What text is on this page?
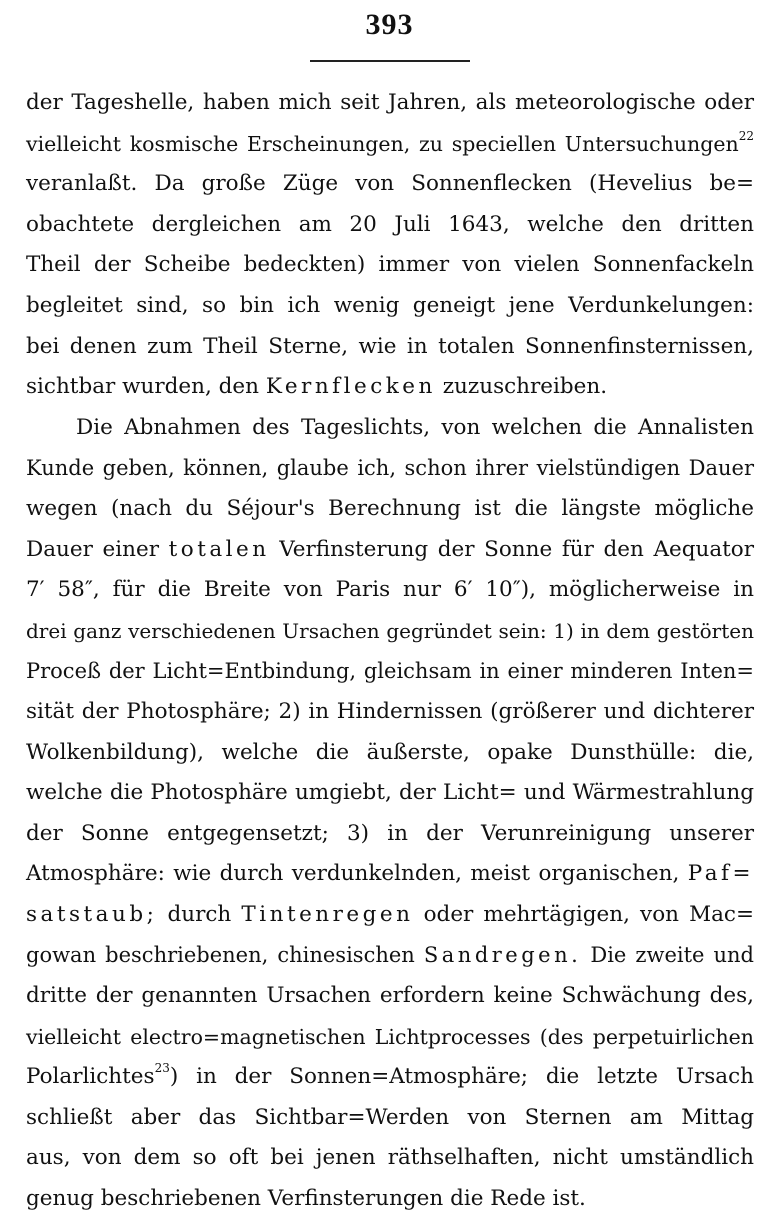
393
der Tageshelle, haben mich seit Jahren, als meteorologische oder
vielleicht kosmische Erscheinungen, zu speciellen Untersuchungen$^{22}$
veranlaßt. Da große Züge von Sonnenflecken (Hevelius be=
obachtete dergleichen am 20 Juli 1643, welche den dritten
Theil der Scheibe bedeckten) immer von vielen Sonnenfackeln
begleitet sind, so bin ich wenig geneigt jene Verdunkelungen:
bei denen zum Theil Sterne, wie in totalen Sonnenfinsternissen,
sichtbar wurden, den Kernflecken zuzuschreiben.
Die Abnahmen des Tageslichts, von welchen die Annalisten
Kunde geben, können, glaube ich, schon ihrer vielstündigen Dauer
wegen (nach du Séjour's Berechnung ist die längste mögliche
Dauer einer totalen Verfinsterung der Sonne für den Aequator
7′ 58″, für die Breite von Paris nur 6′ 10″), möglicherweise in
drei ganz verschiedenen Ursachen gegründet sein: 1) in dem gestörten
Proceß der Licht=Entbindung, gleichsam in einer minderen Inten=
sität der Photosphäre; 2) in Hindernissen (größerer und dichterer
Wolkenbildung), welche die äußerste, opake Dunsthülle: die,
welche die Photosphäre umgiebt, der Licht= und Wärmestrahlung
der Sonne entgegensetzt; 3) in der Verunreinigung unserer
Atmosphäre: wie durch verdunkelnden, meist organischen, Paf=
satstaub; durch Tintenregen oder mehrtägigen, von Mac=
gowan beschriebenen, chinesischen Sandregen. Die zweite und
dritte der genannten Ursachen erfordern keine Schwächung des,
vielleicht electro=magnetischen Lichtprocesses (des perpetuirlichen
Polarlichtes$^{23}$) in der Sonnen=Atmosphäre; die letzte Ursach
schließt aber das Sichtbar=Werden von Sternen am Mittag
aus, von dem so oft bei jenen räthselhaften, nicht umständlich
genug beschriebenen Verfinsterungen die Rede ist.
